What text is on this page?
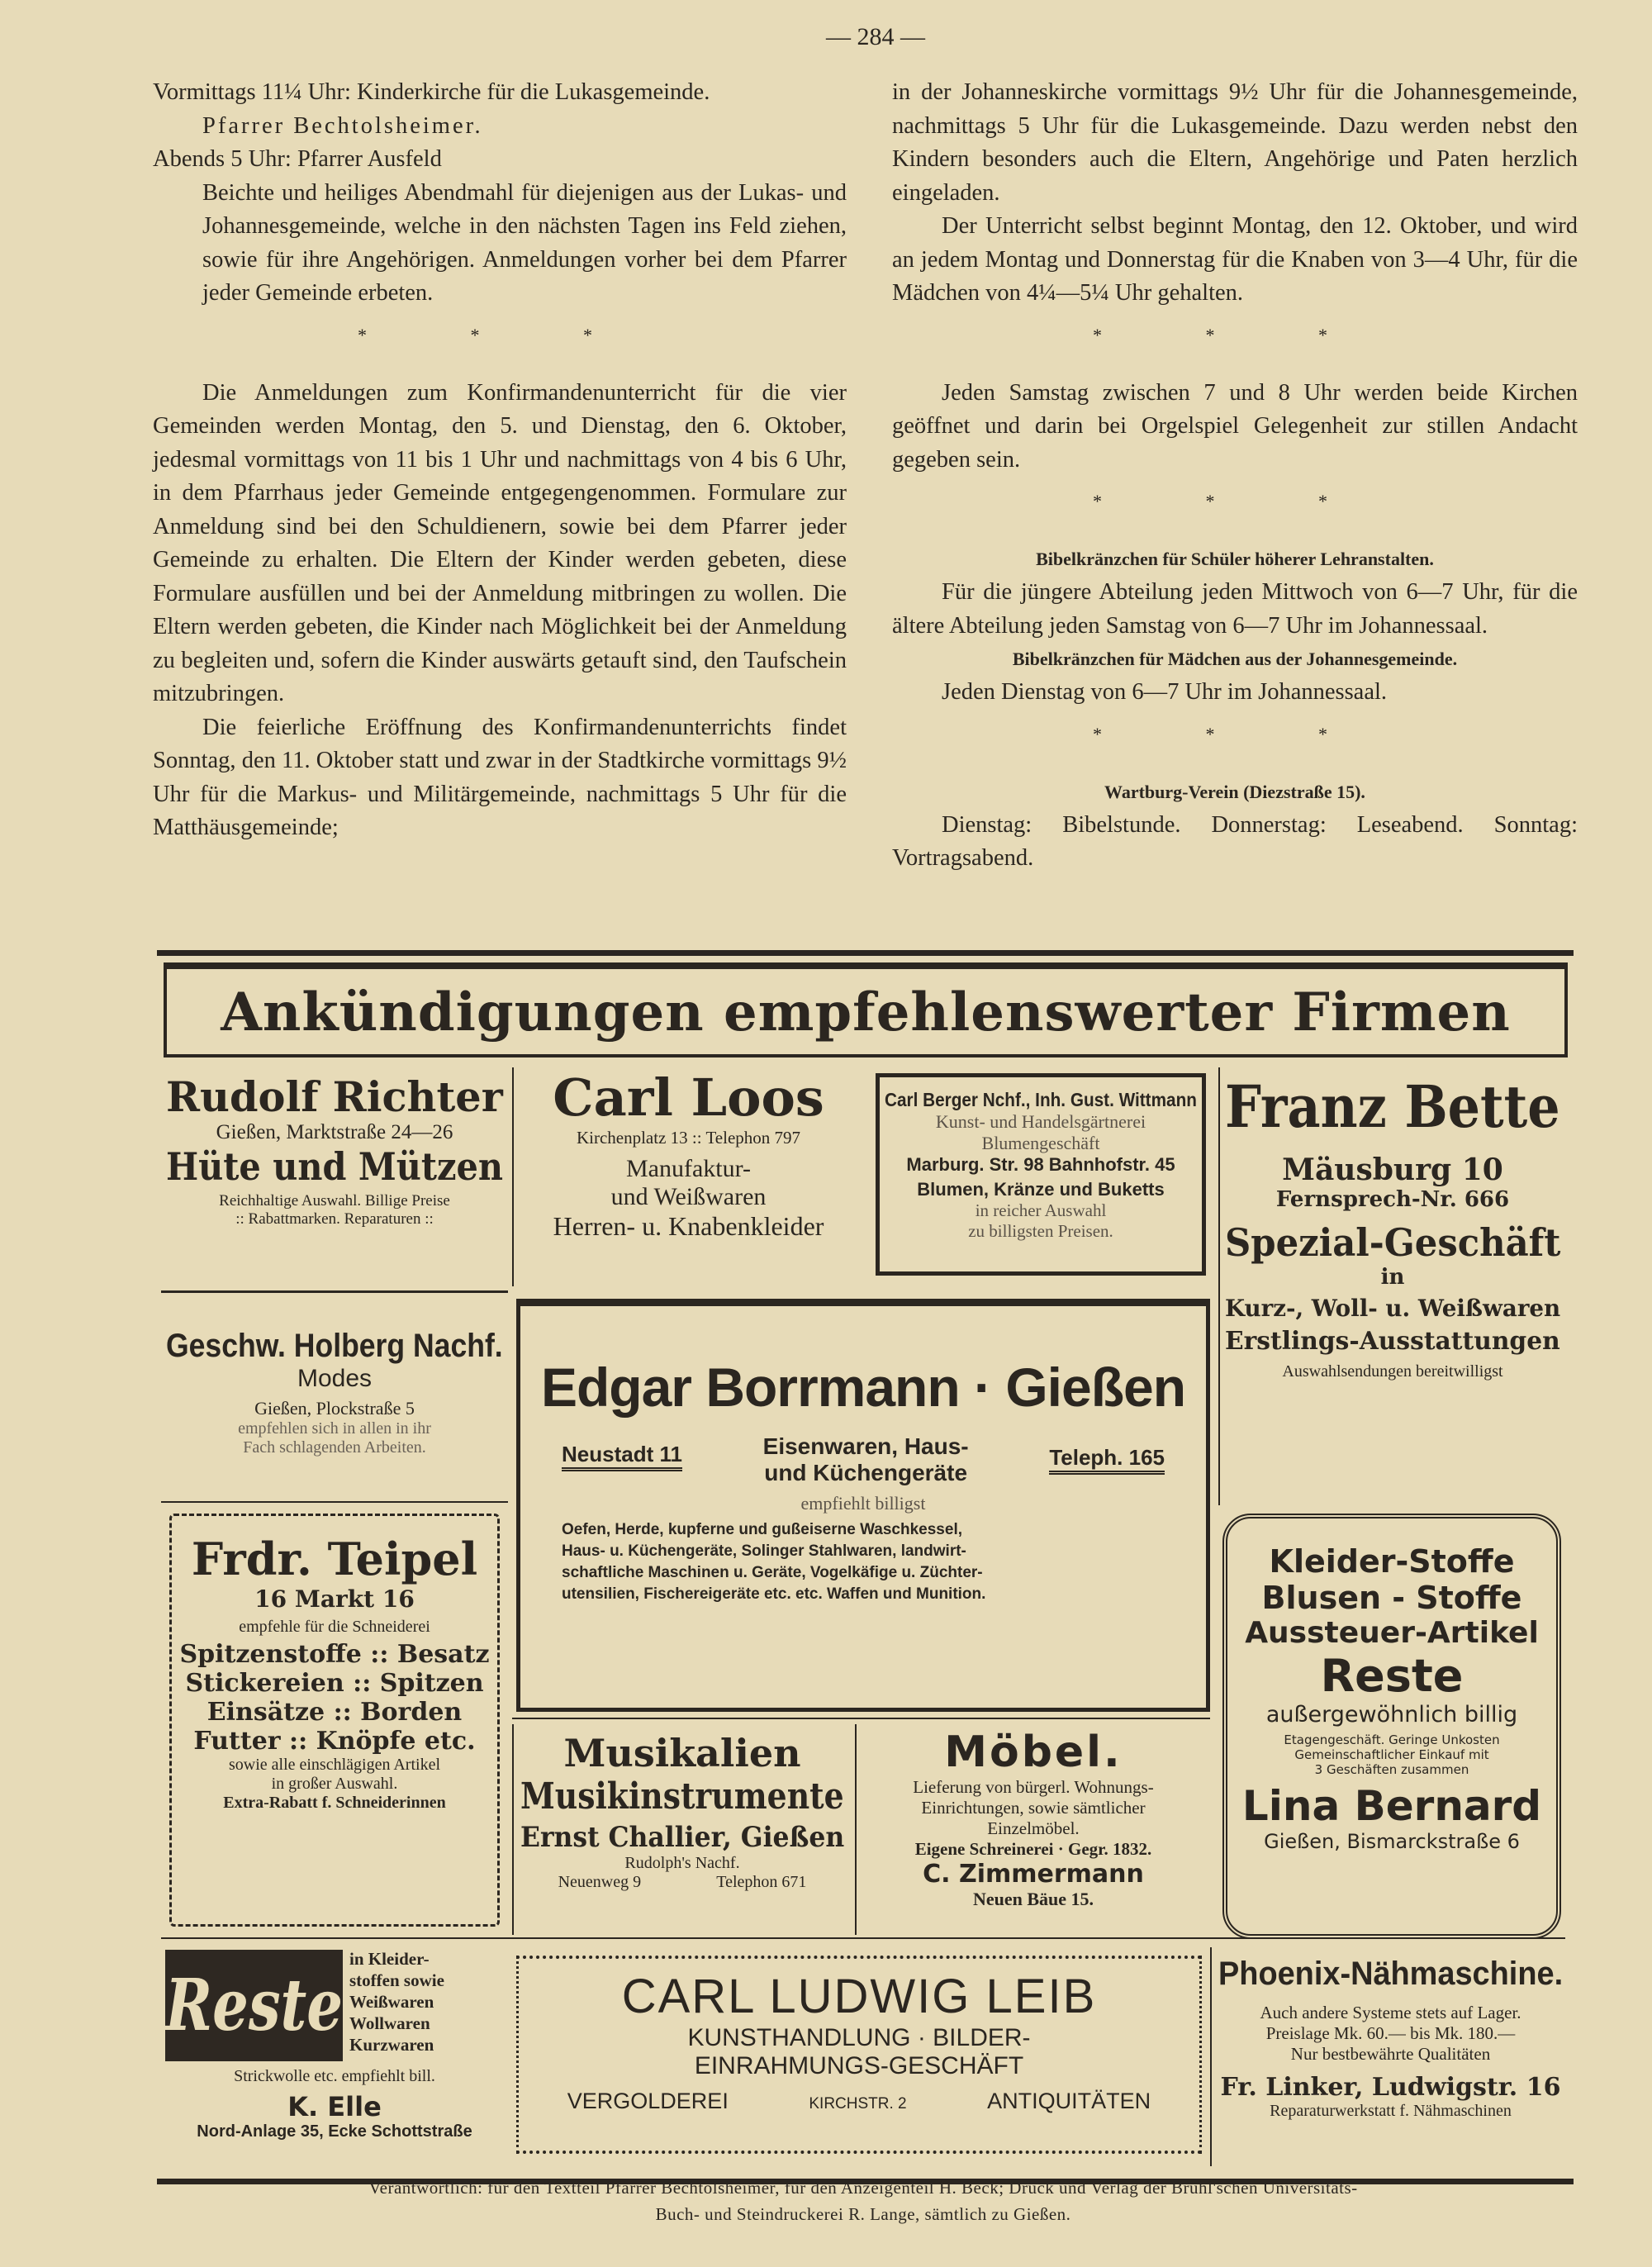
— 284 —

Vormittags 11¼ Uhr: Kinderkirche für die Lukasgemeinde.

Pfarrer Bechtolsheimer.

Abends 5 Uhr: Pfarrer Ausfeld

Beichte und heiliges Abendmahl für diejenigen aus der Lukas- und Johannesgemeinde, welche in den nächsten Tagen ins Feld ziehen, sowie für ihre Angehörigen. Anmeldungen vorher bei dem Pfarrer jeder Gemeinde erbeten.

* * *

Die Anmeldungen zum Konfirmandenunterricht für die vier Gemeinden werden Montag, den 5. und Dienstag, den 6. Oktober, jedesmal vormittags von 11 bis 1 Uhr und nachmittags von 4 bis 6 Uhr, in dem Pfarrhaus jeder Gemeinde entgegengenommen. Formulare zur Anmeldung sind bei den Schuldienern, sowie bei dem Pfarrer jeder Gemeinde zu erhalten. Die Eltern der Kinder werden gebeten, diese Formulare ausfüllen und bei der Anmeldung mitbringen zu wollen. Die Eltern werden gebeten, die Kinder nach Möglichkeit bei der Anmeldung zu begleiten und, sofern die Kinder auswärts getauft sind, den Taufschein mitzubringen.

Die feierliche Eröffnung des Konfirmandenunterrichts findet Sonntag, den 11. Oktober statt und zwar in der Stadtkirche vormittags 9½ Uhr für die Markus- und Militärgemeinde, nachmittags 5 Uhr für die Matthäusgemeinde;

in der Johanneskirche vormittags 9½ Uhr für die Johannesgemeinde, nachmittags 5 Uhr für die Lukasgemeinde. Dazu werden nebst den Kindern besonders auch die Eltern, Angehörige und Paten herzlich eingeladen.

Der Unterricht selbst beginnt Montag, den 12. Oktober, und wird an jedem Montag und Donnerstag für die Knaben von 3—4 Uhr, für die Mädchen von 4¼—5¼ Uhr gehalten.

* * *

Jeden Samstag zwischen 7 und 8 Uhr werden beide Kirchen geöffnet und darin bei Orgelspiel Gelegenheit zur stillen Andacht gegeben sein.

* * *

Bibelkränzchen für Schüler höherer Lehranstalten.

Für die jüngere Abteilung jeden Mittwoch von 6—7 Uhr, für die ältere Abteilung jeden Samstag von 6—7 Uhr im Johannessaal.

Bibelkränzchen für Mädchen aus der Johannesgemeinde.

Jeden Dienstag von 6—7 Uhr im Johannessaal.

* * *

Wartburg-Verein (Diezstraße 15).

Dienstag: Bibelstunde. Donnerstag: Leseabend. Sonntag: Vortragsabend.

Ankündigungen empfehlenswerter Firmen
Rudolf Richter
Gießen, Marktstraße 24—26
Hüte und Mützen
Reichhaltige Auswahl. Billige Preise
:: Rabattmarken. Reparaturen ::
Carl Loos
Kirchenplatz 13 :: Telephon 797
Manufaktur-
und Weißwaren
Herren- u. Knabenkleider
Carl Berger Nchf., Inh. Gust. Wittmann
Kunst- und Handelsgärtnerei
Blumengeschäft
Marburg. Str. 98 Bahnhofstr. 45
Blumen, Kränze und Buketts
in reicher Auswahl
zu billigsten Preisen.
Franz Bette
Mäusburg 10
Fernsprech-Nr. 666
Spezial-Geschäft
in
Kurz-, Woll- u. Weißwaren
Erstlings-Ausstattungen
Auswahlsendungen bereitwilligst
Geschw. Holberg Nachf.
Modes
Gießen, Plockstraße 5
empfehlen sich in allen in ihr
Fach schlagenden Arbeiten.
Edgar Borrmann · Gießen
Neustadt 11	Eisenwaren, Haus-
und Küchengeräte
Teleph. 165
empfiehlt billigst
Oefen, Herde, kupferne und gußeiserne Waschkessel,
Haus- u. Küchengeräte, Solinger Stahlwaren, landwirt-
schaftliche Maschinen u. Geräte, Vogelkäfige u. Züchter-
utensilien, Fischereigeräte etc. etc. Waffen und Munition.
Frdr. Teipel
16 Markt 16
empfehle für die Schneiderei
Spitzenstoffe :: Besatz
Stickereien :: Spitzen
Einsätze :: Borden
Futter :: Knöpfe etc.
sowie alle einschlägigen Artikel
in großer Auswahl.
Extra-Rabatt f. Schneiderinnen
Kleider-Stoffe
Blusen - Stoffe
Aussteuer-Artikel
Reste
außergewöhnlich billig
Etagengeschäft. Geringe Unkosten
Gemeinschaftlicher Einkauf mit
3 Geschäften zusammen
Lina Bernard
Gießen, Bismarckstraße 6
Musikalien
Musikinstrumente
Ernst Challier, Gießen
Rudolph's Nachf.
Neuenweg 9	Telephon 671
Möbel.
Lieferung von bürgerl. Wohnungs-
Einrichtungen, sowie sämtlicher
Einzelmöbel.
Eigene Schreinerei · Gegr. 1832.
C. Zimmermann
Neuen Bäue 15.
Reste
in Kleider-
stoffen sowie
Weißwaren
Wollwaren
Kurzwaren
Strickwolle etc. empfiehlt bill.
K. Elle
Nord-Anlage 35, Ecke Schottstraße
CARL LUDWIG LEIB
KUNSTHANDLUNG · BILDER-
EINRAHMUNGS-GESCHÄFT
VERGOLDEREI	KIRCHSTR. 2	ANTIQUITÄTEN
Phoenix-Nähmaschine.
Auch andere Systeme stets auf Lager.
Preislage Mk. 60.— bis Mk. 180.—
Nur bestbewährte Qualitäten
Fr. Linker, Ludwigstr. 16
Reparaturwerkstatt f. Nähmaschinen
Verantwortlich: für den Textteil Pfarrer Bechtolsheimer, für den Anzeigenteil H. Beck; Druck und Verlag der Brühl'schen Universitäts-
Buch- und Steindruckerei R. Lange, sämtlich zu Gießen.
